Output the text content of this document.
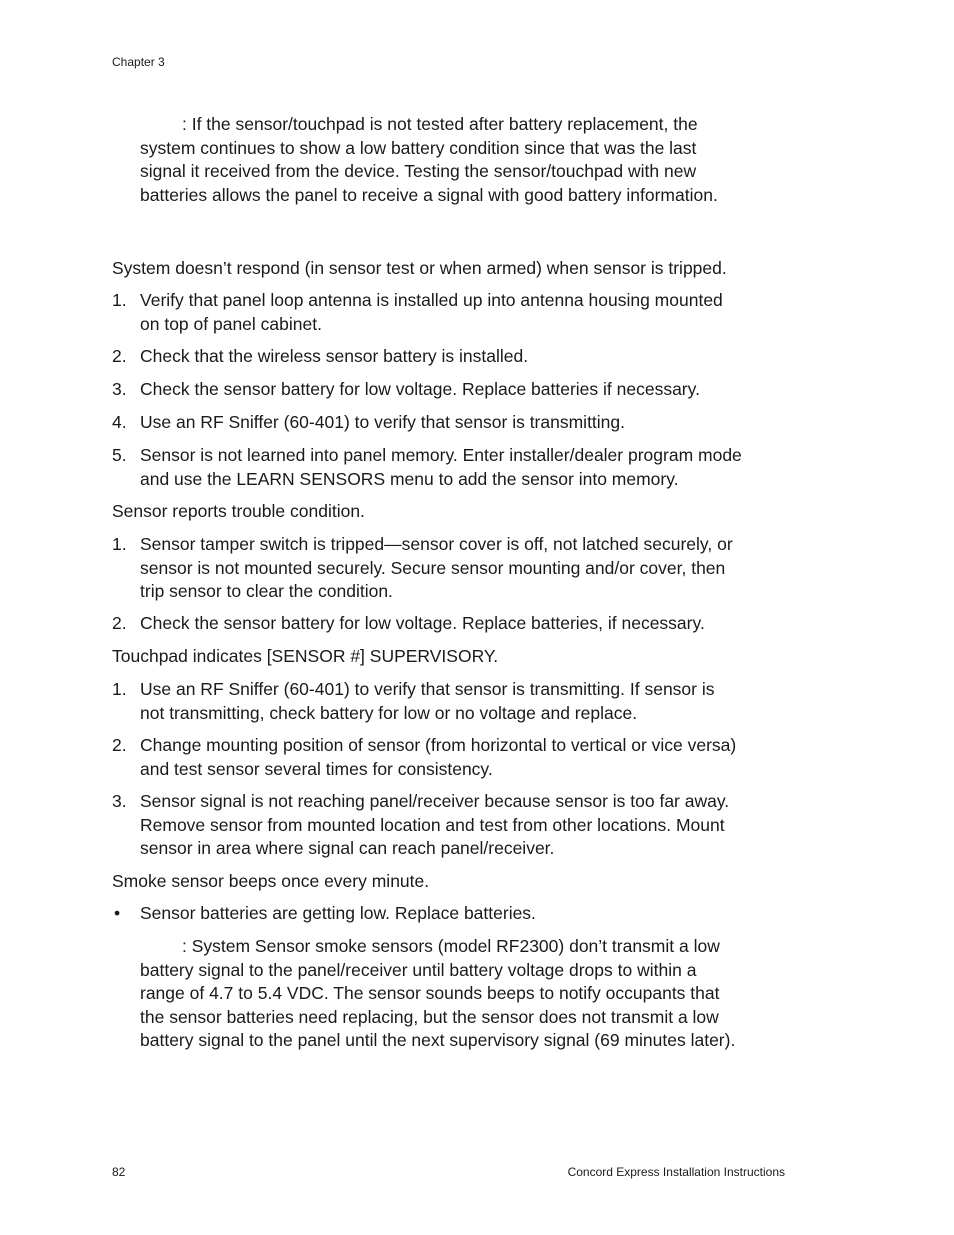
Chapter 3
: If the sensor/touchpad is not tested after battery replacement, the
system continues to show a low battery condition since that was the last
signal it received from the device. Testing the sensor/touchpad with new
batteries allows the panel to receive a signal with good battery information.
System doesn’t respond (in sensor test or when armed) when sensor is tripped.
1. Verify that panel loop antenna is installed up into antenna housing mounted
on top of panel cabinet.
2. Check that the wireless sensor battery is installed.
3. Check the sensor battery for low voltage. Replace batteries if necessary.
4. Use an RF Sniffer (60-401) to verify that sensor is transmitting.
5. Sensor is not learned into panel memory. Enter installer/dealer program mode
and use the LEARN SENSORS menu to add the sensor into memory.
Sensor reports trouble condition.
1. Sensor tamper switch is tripped—sensor cover is off, not latched securely, or
sensor is not mounted securely. Secure sensor mounting and/or cover, then
trip sensor to clear the condition.
2. Check the sensor battery for low voltage. Replace batteries, if necessary.
Touchpad indicates [SENSOR #] SUPERVISORY.
1. Use an RF Sniffer (60-401) to verify that sensor is transmitting. If sensor is
not transmitting, check battery for low or no voltage and replace.
2. Change mounting position of sensor (from horizontal to vertical or vice versa)
and test sensor several times for consistency.
3. Sensor signal is not reaching panel/receiver because sensor is too far away.
Remove sensor from mounted location and test from other locations. Mount
sensor in area where signal can reach panel/receiver.
Smoke sensor beeps once every minute.
•	Sensor batteries are getting low. Replace batteries.
: System Sensor smoke sensors (model RF2300) don’t transmit a low
battery signal to the panel/receiver until battery voltage drops to within a
range of 4.7 to 5.4 VDC. The sensor sounds beeps to notify occupants that
the sensor batteries need replacing, but the sensor does not transmit a low
battery signal to the panel until the next supervisory signal (69 minutes later).
82	Concord Express Installation Instructions
